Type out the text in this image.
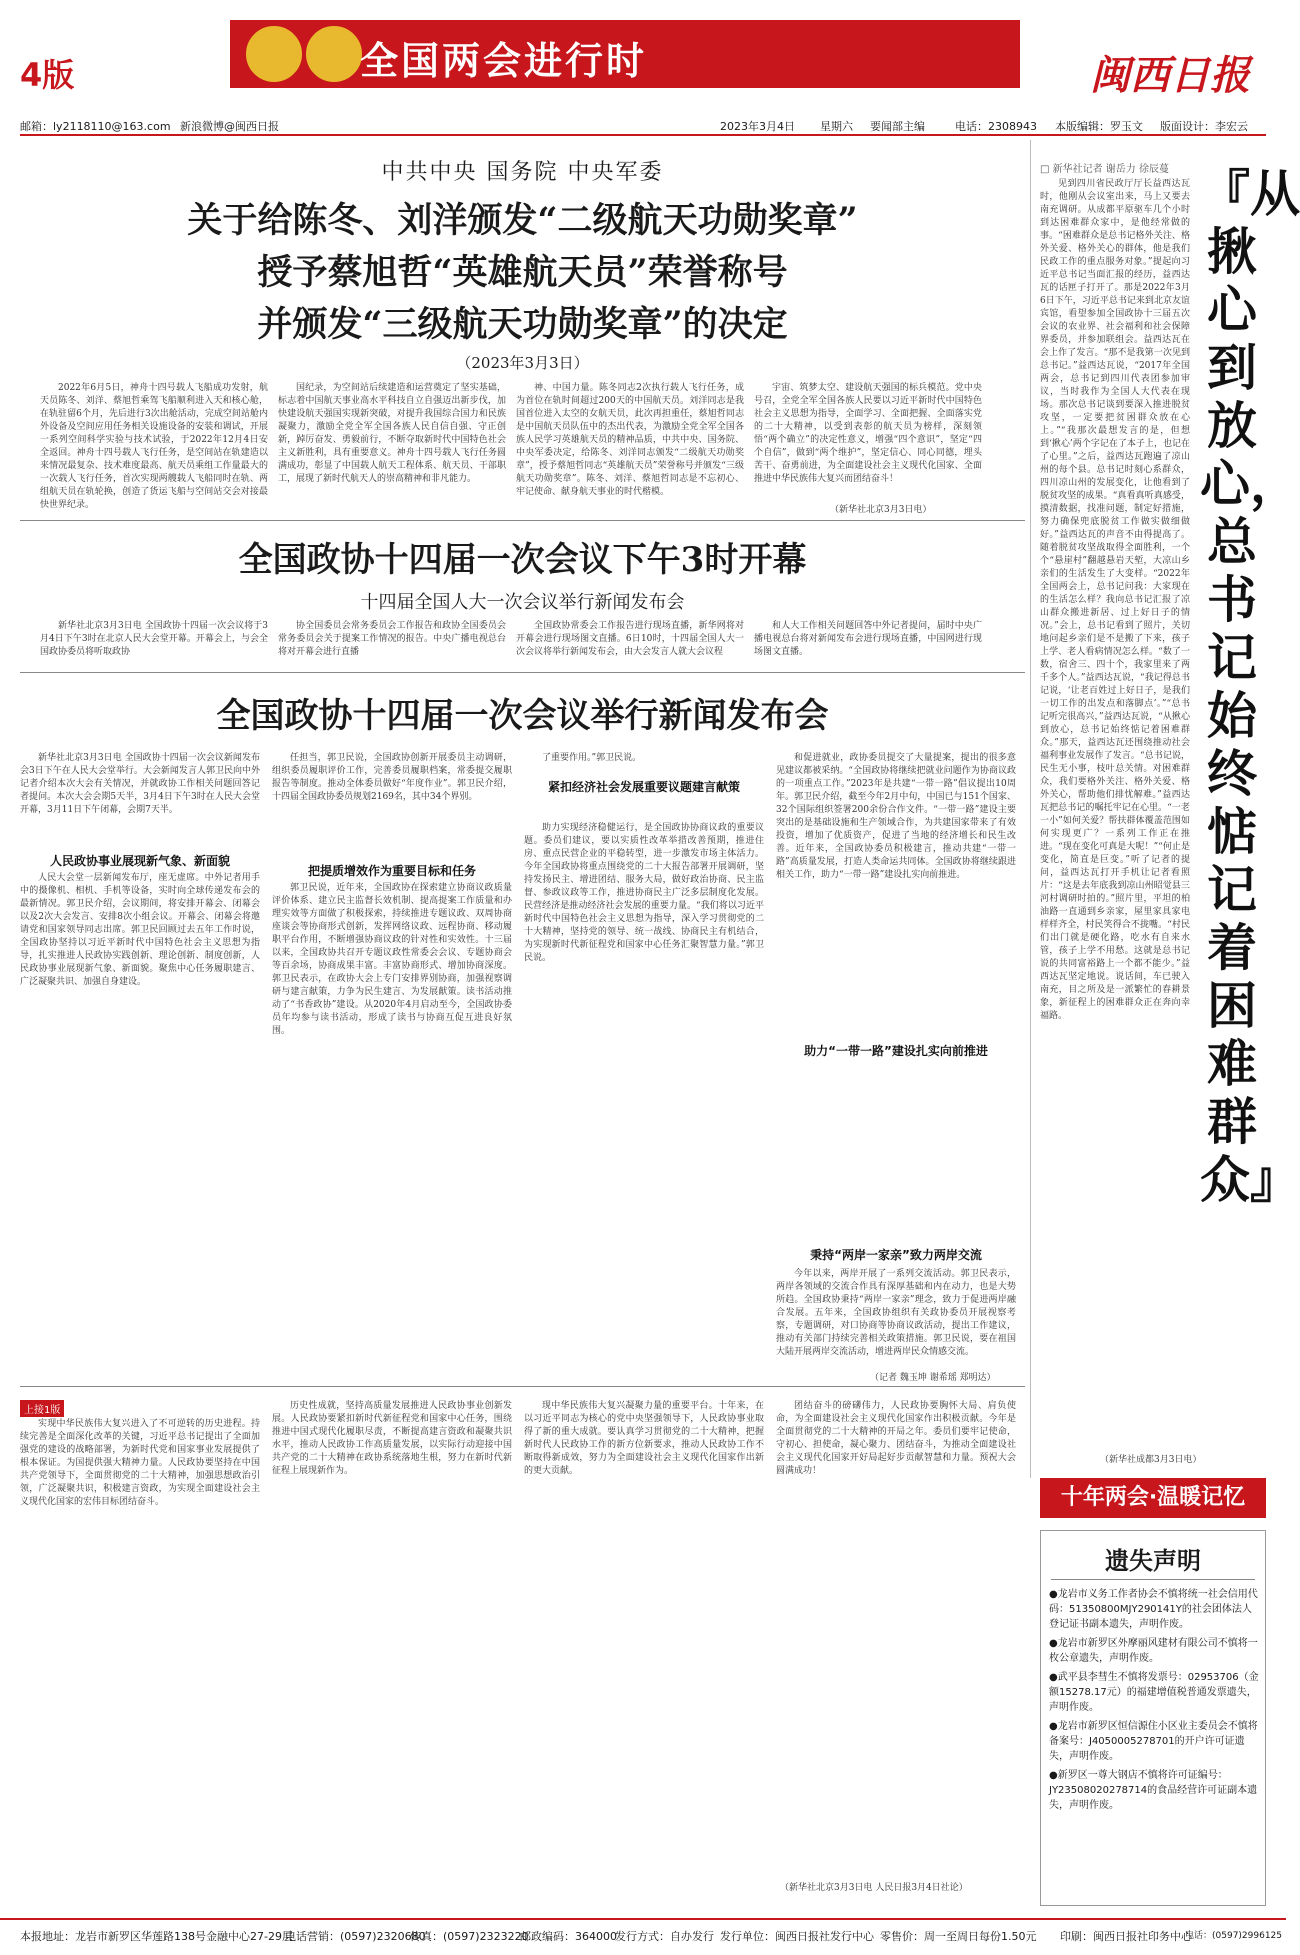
4版	全国两会进行时	闽西日报
邮箱：ly2118110@163.com 新浪微博@闽西日报	2023年3月4日 星期六 要闻部主编	电话：2308943 本版编辑：罗玉文 版面设计：李宏云
中共中央 国务院 中央军委
关于给陈冬、刘洋颁发“二级航天功勋奖章”
授予蔡旭哲“英雄航天员”荣誉称号
并颁发“三级航天功勋奖章”的决定
（2023年3月3日）

2022年6月5日，神舟十四号载人飞船成功发射，航天员陈冬、刘洋、蔡旭哲乘驾飞船顺利进入天和核心舱，在轨驻留6个月，先后进行3次出舱活动，完成空间站舱内外设备及空间应用任务相关设施设备的安装和调试，开展一系列空间科学实验与技术试验，于2022年12月4日安全返回。神舟十四号载人飞行任务，是空间站在轨建造以来情况最复杂、技术难度最高、航天员乘组工作量最大的一次载人飞行任务，首次实现两艘载人飞船同时在轨、两组航天员在轨轮换，创造了货运飞船与空间站交会对接最快世界纪录。

国纪录，为空间站后续建造和运营奠定了坚实基础，标志着中国航天事业高水平科技自立自强迈出新步伐，加快建设航天强国实现新突破，对提升我国综合国力和民族凝聚力，激励全党全军全国各族人民自信自强、守正创新，踔厉奋发、勇毅前行，不断夺取新时代中国特色社会主义新胜利，具有重要意义。神舟十四号载人飞行任务圆满成功，彰显了中国载人航天工程体系、航天员、干部职工，展现了新时代航天人的崇高精神和非凡能力。

神、中国力量。陈冬同志2次执行载人飞行任务，成为首位在轨时间超过200天的中国航天员。刘洋同志是我国首位进入太空的女航天员，此次再担重任，蔡旭哲同志是中国航天员队伍中的杰出代表，为激励全党全军全国各族人民学习英雄航天员的精神品质，中共中央、国务院、中央军委决定，给陈冬、刘洋同志颁发“二级航天功勋奖章”，授予蔡旭哲同志“英雄航天员”荣誉称号并颁发“三级航天功勋奖章”。陈冬、刘洋、蔡旭哲同志是不忘初心、牢记使命、献身航天事业的时代楷模。

宇宙、筑梦太空、建设航天强国的标兵模范。党中央号召，全党全军全国各族人民要以习近平新时代中国特色社会主义思想为指导，全面学习、全面把握、全面落实党的二十大精神，以受到表彰的航天员为榜样，深刻领悟“两个确立”的决定性意义，增强“四个意识”，坚定“四个自信”，做到“两个维护”，坚定信心、同心同德，埋头苦干、奋勇前进，为全面建设社会主义现代化国家、全面推进中华民族伟大复兴而团结奋斗！

（新华社北京3月3日电）
全国政协十四届一次会议下午3时开幕
十四届全国人大一次会议举行新闻发布会

新华社北京3月3日电 全国政协十四届一次会议将于3月4日下午3时在北京人民大会堂开幕。开幕会上，与会全国政协委员将听取政协

协全国委员会常务委员会工作报告和政协全国委员会常务委员会关于提案工作情况的报告。中央广播电视总台将对开幕会进行直播

全国政协常委会工作报告进行现场直播，新华网将对开幕会进行现场图文直播。6日10时，十四届全国人大一次会议将举行新闻发布会，由大会发言人就大会议程

和人大工作相关问题回答中外记者提问，届时中央广播电视总台将对新闻发布会进行现场直播，中国网进行现场图文直播。

全国政协十四届一次会议举行新闻发布会

新华社北京3月3日电 全国政协十四届一次会议新闻发布会3日下午在人民大会堂举行。大会新闻发言人郭卫民向中外记者介绍本次大会有关情况，并就政协工作相关问题回答记者提问。本次大会会期5天半，3月4日下午3时在人民大会堂开幕，3月11日下午闭幕，会期7天半。

人民政协事业展现新气象、新面貌

人民大会堂一层新闻发布厅，座无虚席。中外记者用手中的摄像机、相机、手机等设备，实时向全球传递发布会的最新情况。郭卫民介绍，会议期间，将安排开幕会、闭幕会以及2次大会发言、安排8次小组会议。开幕会、闭幕会将邀请党和国家领导同志出席。郭卫民回顾过去五年工作时说，全国政协坚持以习近平新时代中国特色社会主义思想为指导，扎实推进人民政协实践创新、理论创新、制度创新，人民政协事业展现新气象、新面貌。聚焦中心任务履职建言、广泛凝聚共识、加强自身建设。

任担当，郭卫民说，全国政协创新开展委员主动调研，组织委员履职评价工作，完善委员履职档案，常委提交履职报告等制度。推动全体委员做好“年度作业”。郭卫民介绍，十四届全国政协委员规划2169名，其中34个界别。

把提质增效作为重要目标和任务

郭卫民说，近年来，全国政协在探索建立协商议政质量评价体系、建立民主监督长效机制、提高提案工作质量和办理实效等方面做了积极探索，持续推进专题议政、双周协商座谈会等协商形式创新，发挥网络议政、远程协商、移动履职平台作用，不断增强协商议政的针对性和实效性。十三届以来，全国政协共召开专题议政性常委会会议、专题协商会等百余场，协商成果丰富。丰富协商形式、增加协商深度。郭卫民表示，在政协大会上专门安排界别协商，加强视察调研与建言献策，力争为民生建言、为发展献策。读书活动推动了“书香政协”建设。从2020年4月启动至今，全国政协委员年均参与读书活动，形成了读书与协商互促互进良好氛围。

了重要作用。”郭卫民说。

紧扣经济社会发展重要议题建言献策

助力实现经济稳健运行，是全国政协协商议政的重要议题。委员们建议，要以实质性改革举措改善预期，推进住房、重点民营企业的平稳转型，进一步激发市场主体活力。今年全国政协将重点围绕党的二十大报告部署开展调研，坚持发扬民主、增进团结、服务大局，做好政治协商、民主监督、参政议政等工作，推进协商民主广泛多层制度化发展。民营经济是推动经济社会发展的重要力量。“我们将以习近平新时代中国特色社会主义思想为指导，深入学习贯彻党的二十大精神，坚持党的领导、统一战线、协商民主有机结合，为实现新时代新征程党和国家中心任务汇聚智慧力量。”郭卫民说。

和促进就业，政协委员提交了大量提案，提出的很多意见建议都被采纳。“全国政协将继续把就业问题作为协商议政的一项重点工作。”2023年是共建“一带一路”倡议提出10周年。郭卫民介绍，截至今年2月中旬，中国已与151个国家、32个国际组织签署200余份合作文件。“一带一路”建设主要突出的是基础设施和生产领域合作，为共建国家带来了有效投资，增加了优质资产，促进了当地的经济增长和民生改善。近年来，全国政协委员积极建言，推动共建“一带一路”高质量发展，打造人类命运共同体。全国政协将继续跟进相关工作，助力“一带一路”建设扎实向前推进。

助力“一带一路”建设扎实向前推进
秉持“两岸一家亲”致力两岸交流

今年以来，两岸开展了一系列交流活动。郭卫民表示，两岸各领域的交流合作具有深厚基础和内在动力，也是大势所趋。全国政协秉持“两岸一家亲”理念，致力于促进两岸融合发展。五年来，全国政协组织有关政协委员开展视察考察，专题调研，对口协商等协商议政活动，提出工作建议，推动有关部门持续完善相关政策措施。郭卫民说，要在祖国大陆开展两岸交流活动，增进两岸民众情感交流。

（记者 魏玉坤 谢希瑶 郑明达）
□ 新华社记者 谢岳力 徐辰蔓

见到四川省民政厅厅长益西达瓦时，他刚从会议室出来，马上又要去南充调研。从成都平原驱车几个小时到达困难群众家中，是他经常做的事。“困难群众是总书记格外关注、格外关爱、格外关心的群体，他是我们民政工作的重点服务对象。”提起向习近平总书记当面汇报的经历，益西达瓦的话匣子打开了。那是2022年3月6日下午，习近平总书记来到北京友谊宾馆，看望参加全国政协十三届五次会议的农业界、社会福利和社会保障界委员，并参加联组会。益西达瓦在会上作了发言。“那不是我第一次见到总书记。”益西达瓦说，“2017年全国两会，总书记到四川代表团参加审议，当时我作为全国人大代表在现场。那次总书记谈到要深入推进脱贫攻坚，一定要把贫困群众放在心上。”“我那次最想发言的是，但想到‘揪心’两个字记在了本子上，也记在了心里。”之后，益西达瓦跑遍了凉山州的每个县。总书记时刻心系群众，四川凉山州的发展变化，让他看到了脱贫攻坚的成果。“真看真听真感受，摸清数据，找准问题，制定好措施，努力确保兜底脱贫工作做实做细做好。”益西达瓦的声音不由得提高了。随着脱贫攻坚战取得全面胜利，一个个“悬崖村”翻越悬岩天堑，大凉山乡亲们的生活发生了大变样。“2022年全国两会上，总书记问我：大家现在的生活怎么样？我向总书记汇报了凉山群众搬进新居、过上好日子的情况。”会上，总书记看到了照片，关切地问起乡亲们是不是搬了下来，孩子上学、老人看病情况怎么样。“数了一数，宿舍三、四十个，我家里来了两千多个人。”益西达瓦说，“我记得总书记说，‘让老百姓过上好日子，是我们一切工作的出发点和落脚点’。”“总书记听完很高兴，”益西达瓦说，“从揪心到放心，总书记始终惦记着困难群众。”那天，益西达瓦还围绕推动社会福利事业发展作了发言。“总书记说，民生无小事，枝叶总关情。对困难群众，我们要格外关注、格外关爱、格外关心，帮助他们排忧解难。”益西达瓦把总书记的嘱托牢记在心里。“一老一小”如何关爱？帮扶群体覆盖范围如何实现更广？一系列工作正在推进。“现在变化可真是大呢！”“何止是变化，简直是巨变。”听了记者的提问，益西达瓦打开手机让记者看照片：“这是去年底我到凉山州昭觉县三河村调研时拍的。”照片里，平坦的柏油路一直通到乡亲家，屋里家具家电样样齐全，村民笑得合不拢嘴。“村民们出门就是硬化路，吃水有自来水管，孩子上学不用愁。这就是总书记说的共同富裕路上一个都不能少。”益西达瓦坚定地说。说话间，车已驶入南充，目之所及是一派繁忙的春耕景象，新征程上的困难群众正在奔向幸福路。

『从揪心到放心，总书记始终惦记着困难群众』
（新华社成都3月3日电）
十年两会·温暖记忆
上接1版

实现中华民族伟大复兴进入了不可逆转的历史进程。持续完善是全面深化改革的关键，习近平总书记提出了全面加强党的建设的战略部署，为新时代党和国家事业发展提供了根本保证。为国提供强大精神力量。人民政协要坚持在中国共产党领导下，全面贯彻党的二十大精神，加强思想政治引领，广泛凝聚共识，积极建言资政，为实现全面建设社会主义现代化国家的宏伟目标团结奋斗。

历史性成就，坚持高质量发展推进人民政协事业创新发展。人民政协要紧扣新时代新征程党和国家中心任务，围绕推进中国式现代化履职尽责，不断提高建言资政和凝聚共识水平，推动人民政协工作高质量发展，以实际行动迎接中国共产党的二十大精神在政协系统落地生根，努力在新时代新征程上展现新作为。

现中华民族伟大复兴凝聚力量的重要平台。十年来，在以习近平同志为核心的党中央坚强领导下，人民政协事业取得了新的重大成就。要认真学习贯彻党的二十大精神，把握新时代人民政协工作的新方位新要求，推动人民政协工作不断取得新成效，努力为全面建设社会主义现代化国家作出新的更大贡献。

团结奋斗的磅礴伟力，人民政协要胸怀大局、肩负使命，为全面建设社会主义现代化国家作出积极贡献。今年是全面贯彻党的二十大精神的开局之年。委员们要牢记使命，守初心、担使命，凝心聚力、团结奋斗，为推动全面建设社会主义现代化国家开好局起好步贡献智慧和力量。预祝大会圆满成功！

（新华社北京3月3日电 人民日报3月4日社论）
遗失声明
●龙岩市义务工作者协会不慎将统一社会信用代码：51350800MJY290141Y的社会团体法人登记证书副本遗失，声明作废。
●龙岩市新罗区外摩丽风建材有限公司不慎将一枚公章遗失，声明作废。
●武平县李彗生不慎将发票号：02953706（金额15278.17元）的福建增值税普通发票遗失，声明作废。
●龙岩市新罗区恒信源住小区业主委员会不慎将备案号：J4050005278701的开户许可证遗失，声明作废。
●新罗区一尊大钢店不慎将许可证编号：JY23508020278714的食品经营许可证副本遗失，声明作废。
本报地址：龙岩市新罗区华莲路138号金融中心27-29层
电话营销：(0597)2320680
传真：(0597)2323220
邮政编码：364000
发行方式：自办发行 发行单位：闽西日报社发行中心 零售价：周一至周日每份1.50元 印刷：闽西日报社印务中心
电话：(0597)2996125
